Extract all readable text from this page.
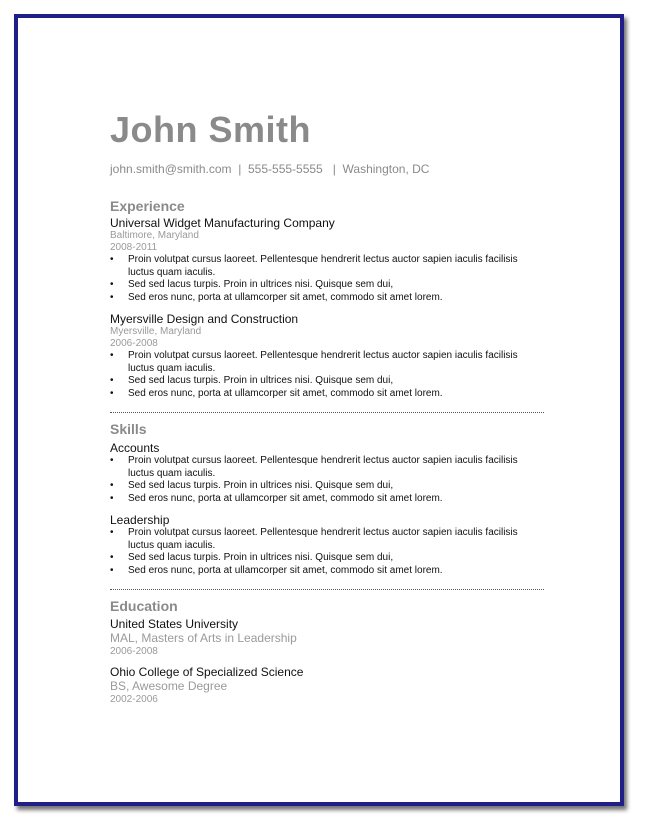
John Smith
john.smith@smith.com  |  555-555-5555   |  Washington, DC
Experience
Universal Widget Manufacturing Company
Baltimore, Maryland
2008-2011
• Proin volutpat cursus laoreet. Pellentesque hendrerit lectus auctor sapien iaculis facilisis luctus quam iaculis.
• Sed sed lacus turpis. Proin in ultrices nisi. Quisque sem dui,
• Sed eros nunc, porta at ullamcorper sit amet, commodo sit amet lorem.
Myersville Design and Construction
Myersville, Maryland
2006-2008
• Proin volutpat cursus laoreet. Pellentesque hendrerit lectus auctor sapien iaculis facilisis luctus quam iaculis.
• Sed sed lacus turpis. Proin in ultrices nisi. Quisque sem dui,
• Sed eros nunc, porta at ullamcorper sit amet, commodo sit amet lorem.
Skills
Accounts
• Proin volutpat cursus laoreet. Pellentesque hendrerit lectus auctor sapien iaculis facilisis luctus quam iaculis.
• Sed sed lacus turpis. Proin in ultrices nisi. Quisque sem dui,
• Sed eros nunc, porta at ullamcorper sit amet, commodo sit amet lorem.
Leadership
• Proin volutpat cursus laoreet. Pellentesque hendrerit lectus auctor sapien iaculis facilisis luctus quam iaculis.
• Sed sed lacus turpis. Proin in ultrices nisi. Quisque sem dui,
• Sed eros nunc, porta at ullamcorper sit amet, commodo sit amet lorem.
Education
United States University
MAL, Masters of Arts in Leadership
2006-2008
Ohio College of Specialized Science
BS, Awesome Degree
2002-2006
